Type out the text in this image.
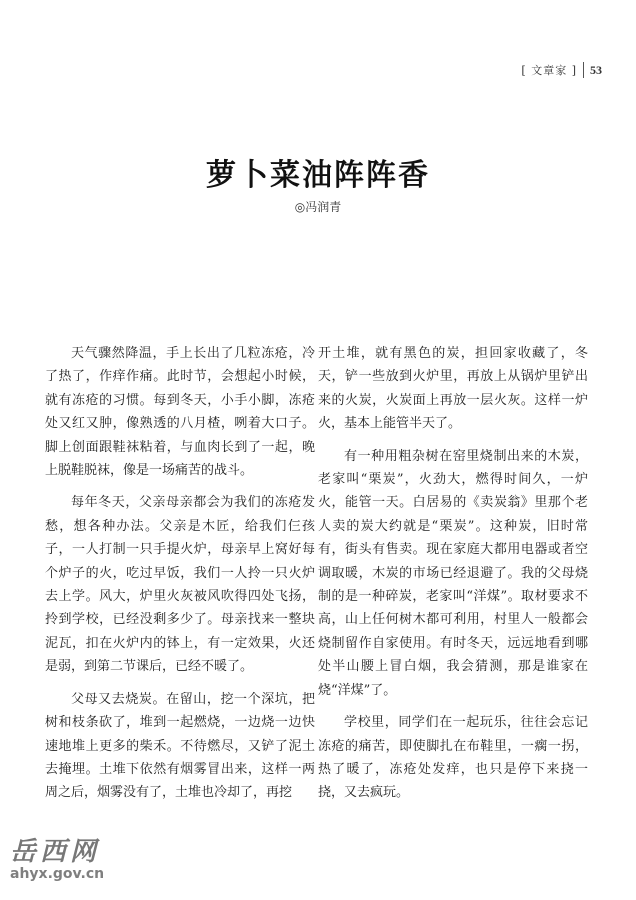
[ 文章家 ] 53
萝卜菜油阵阵香
◎冯润青

天气骤然降温，手上长出了几粒冻疮，冷了热了，作痒作痛。此时节，会想起小时候，就有冻疮的习惯。每到冬天，小手小脚，冻疮处又红又肿，像熟透的八月楂，咧着大口子。脚上创面跟鞋袜粘着，与血肉长到了一起，晚上脱鞋脱袜，像是一场痛苦的战斗。

每年冬天，父亲母亲都会为我们的冻疮发愁，想各种办法。父亲是木匠，给我们仨孩子，一人打制一只手提火炉，母亲早上窝好每个炉子的火，吃过早饭，我们一人拎一只火炉去上学。风大，炉里火灰被风吹得四处飞扬，拎到学校，已经没剩多少了。母亲找来一整块泥瓦，扣在火炉内的钵上，有一定效果，火还是弱，到第二节课后，已经不暖了。

父母又去烧炭。在留山，挖一个深坑，把树和枝条砍了，堆到一起燃烧，一边烧一边快速地堆上更多的柴禾。不待燃尽，又铲了泥土去掩埋。土堆下依然有烟雾冒出来，这样一两周之后，烟雾没有了，土堆也冷却了，再挖

开土堆，就有黑色的炭，担回家收藏了，冬天，铲一些放到火炉里，再放上从锅炉里铲出来的火炭，火炭面上再放一层火灰。这样一炉火，基本上能管半天了。

有一种用粗杂树在窑里烧制出来的木炭，老家叫“栗炭”，火劲大，燃得时间久，一炉火，能管一天。白居易的《卖炭翁》里那个老人卖的炭大约就是“栗炭”。这种炭，旧时常有，街头有售卖。现在家庭大都用电器或者空调取暖，木炭的市场已经退避了。我的父母烧制的是一种碎炭，老家叫“洋煤”。取材要求不高，山上任何树木都可利用，村里人一般都会烧制留作自家使用。有时冬天，远远地看到哪处半山腰上冒白烟，我会猜测，那是谁家在烧“洋煤”了。

学校里，同学们在一起玩乐，往往会忘记冻疮的痛苦，即使脚扎在布鞋里，一瘸一拐，热了暖了，冻疮处发痒，也只是停下来挠一挠，又去疯玩。

岳西网
ahyx.gov.cn
